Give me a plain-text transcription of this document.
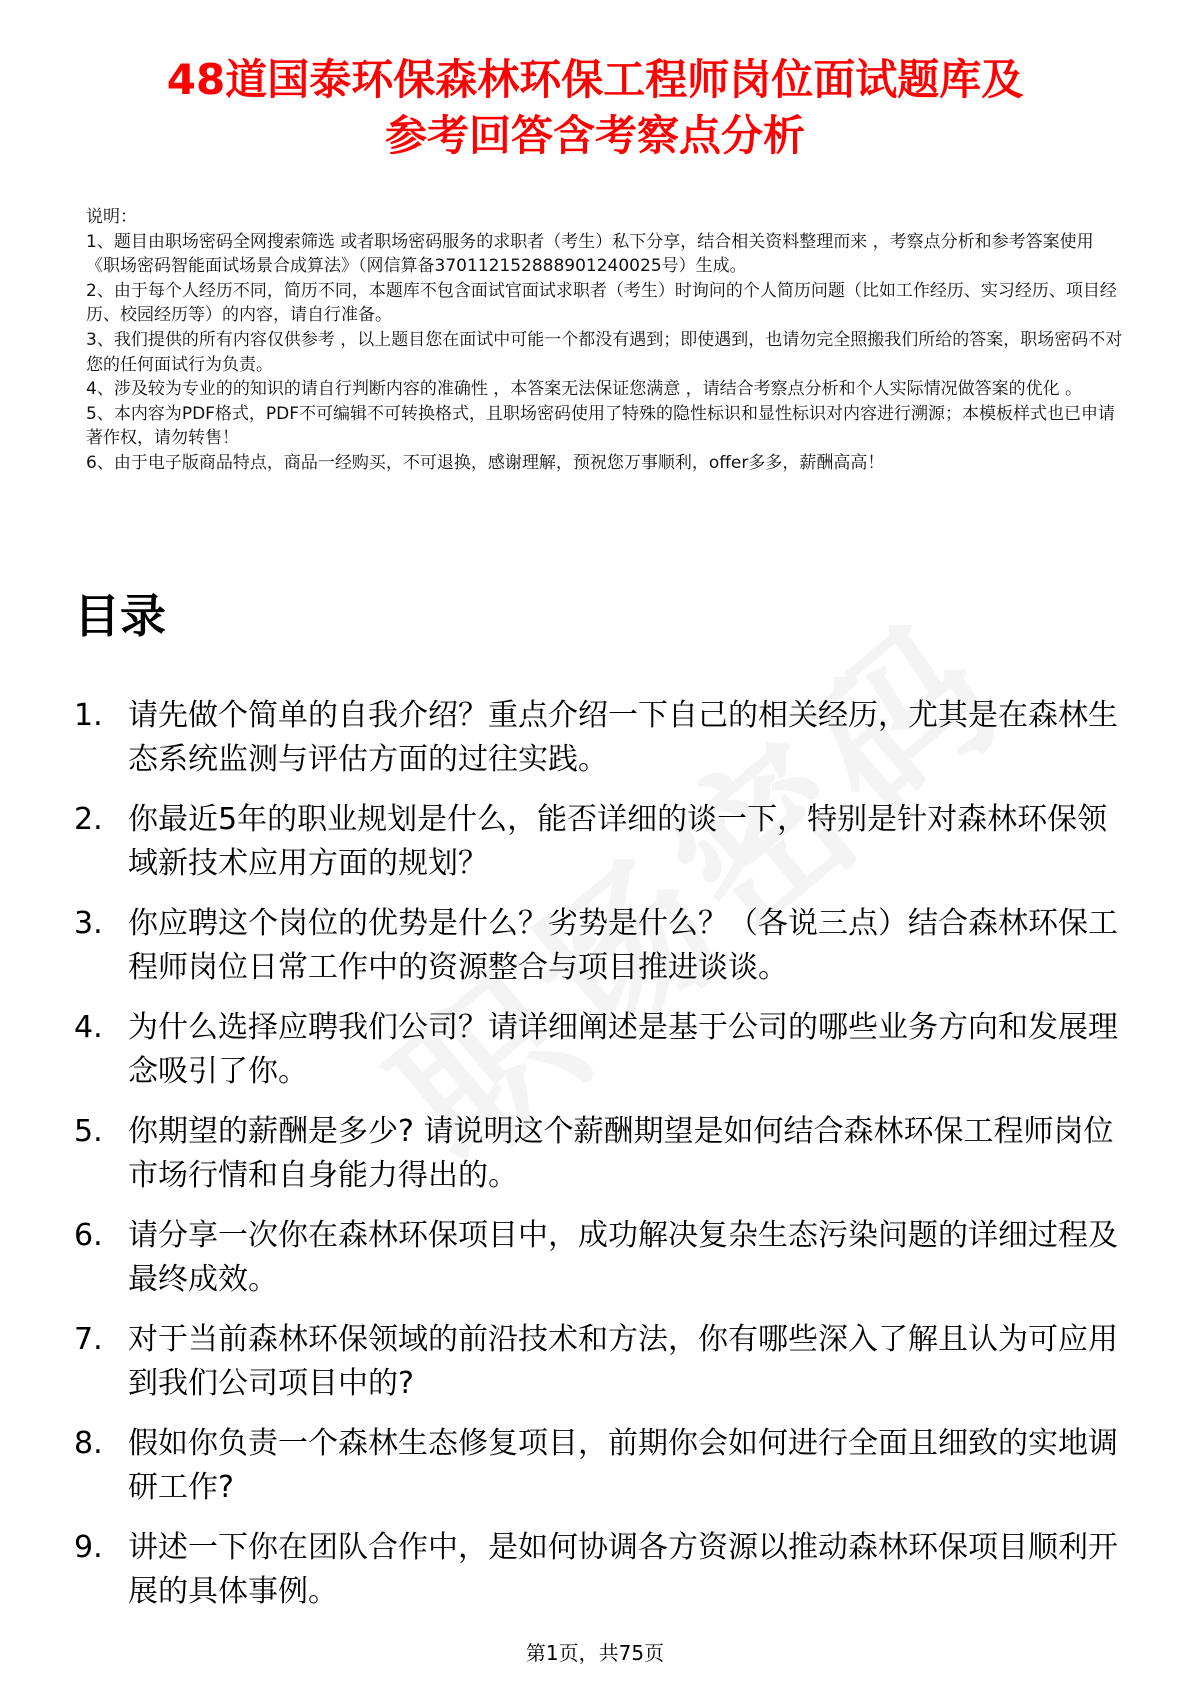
48道国泰环保森林环保工程师岗位面试题库及
参考回答含考察点分析

说明：

1、题目由职场密码全网搜索筛选 或者职场密码服务的求职者（考生）私下分享，结合相关资料整理而来 ，考察点分析和参考答案使用《职场密码智能面试场景合成算法》（网信算备370112152888901240025号）生成。

2、由于每个人经历不同，简历不同，本题库不包含面试官面试求职者（考生）时询问的个人简历问题（比如工作经历、实习经历、项目经历、校园经历等）的内容，请自行准备。

3、我们提供的所有内容仅供参考 ，以上题目您在面试中可能一个都没有遇到；即使遇到，也请勿完全照搬我们所给的答案，职场密码不对您的任何面试行为负责。

4、涉及较为专业的的知识的请自行判断内容的准确性 ，本答案无法保证您满意 ，请结合考察点分析和个人实际情况做答案的优化 。

5、本内容为PDF格式，PDF不可编辑不可转换格式，且职场密码使用了特殊的隐性标识和显性标识对内容进行溯源；本模板样式也已申请著作权，请勿转售！

6、由于电子版商品特点，商品一经购买，不可退换，感谢理解，预祝您万事顺利，offer多多，薪酬高高！

目录
1. 请先做个简单的自我介绍？重点介绍一下自己的相关经历，尤其是在森林生态系统监测与评估方面的过往实践。
2. 你最近5年的职业规划是什么，能否详细的谈一下，特别是针对森林环保领域新技术应用方面的规划？
3. 你应聘这个岗位的优势是什么？劣势是什么？（各说三点）结合森林环保工程师岗位日常工作中的资源整合与项目推进谈谈。
4. 为什么选择应聘我们公司？请详细阐述是基于公司的哪些业务方向和发展理念吸引了你。
5. 你期望的薪酬是多少? 请说明这个薪酬期望是如何结合森林环保工程师岗位市场行情和自身能力得出的。
6. 请分享一次你在森林环保项目中，成功解决复杂生态污染问题的详细过程及最终成效。
7. 对于当前森林环保领域的前沿技术和方法，你有哪些深入了解且认为可应用到我们公司项目中的?
8. 假如你负责一个森林生态修复项目，前期你会如何进行全面且细致的实地调研工作?
9. 讲述一下你在团队合作中，是如何协调各方资源以推动森林环保项目顺利开展的具体事例。
第1页，共75页
